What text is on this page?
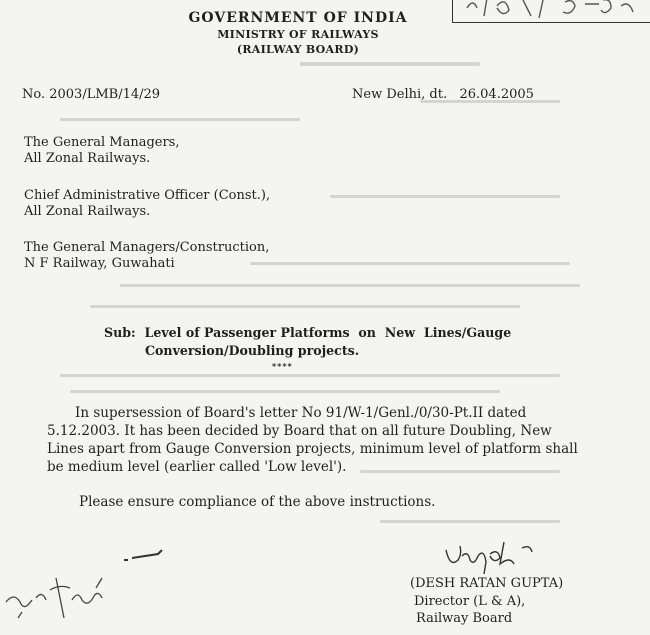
GOVERNMENT OF INDIA
MINISTRY OF RAILWAYS
(RAILWAY BOARD)
No. 2003/LMB/14/29	New Delhi, dt.   26.04.2005
The General Managers,
All Zonal Railways.
Chief Administrative Officer (Const.),
All Zonal Railways.
The General Managers/Construction,
N F Railway, Guwahati
Sub:  Level of Passenger Platforms  on  New  Lines/Gauge
Conversion/Doubling projects.
****
In supersession of Board's letter No 91/W-1/Genl./0/30-Pt.II dated
5.12.2003. It has been decided by Board that on all future Doubling, New
Lines apart from Gauge Conversion projects, minimum level of platform shall
be medium level (earlier called 'Low level').
Please ensure compliance of the above instructions.
(DESH RATAN GUPTA)
Director (L & A),
Railway Board
